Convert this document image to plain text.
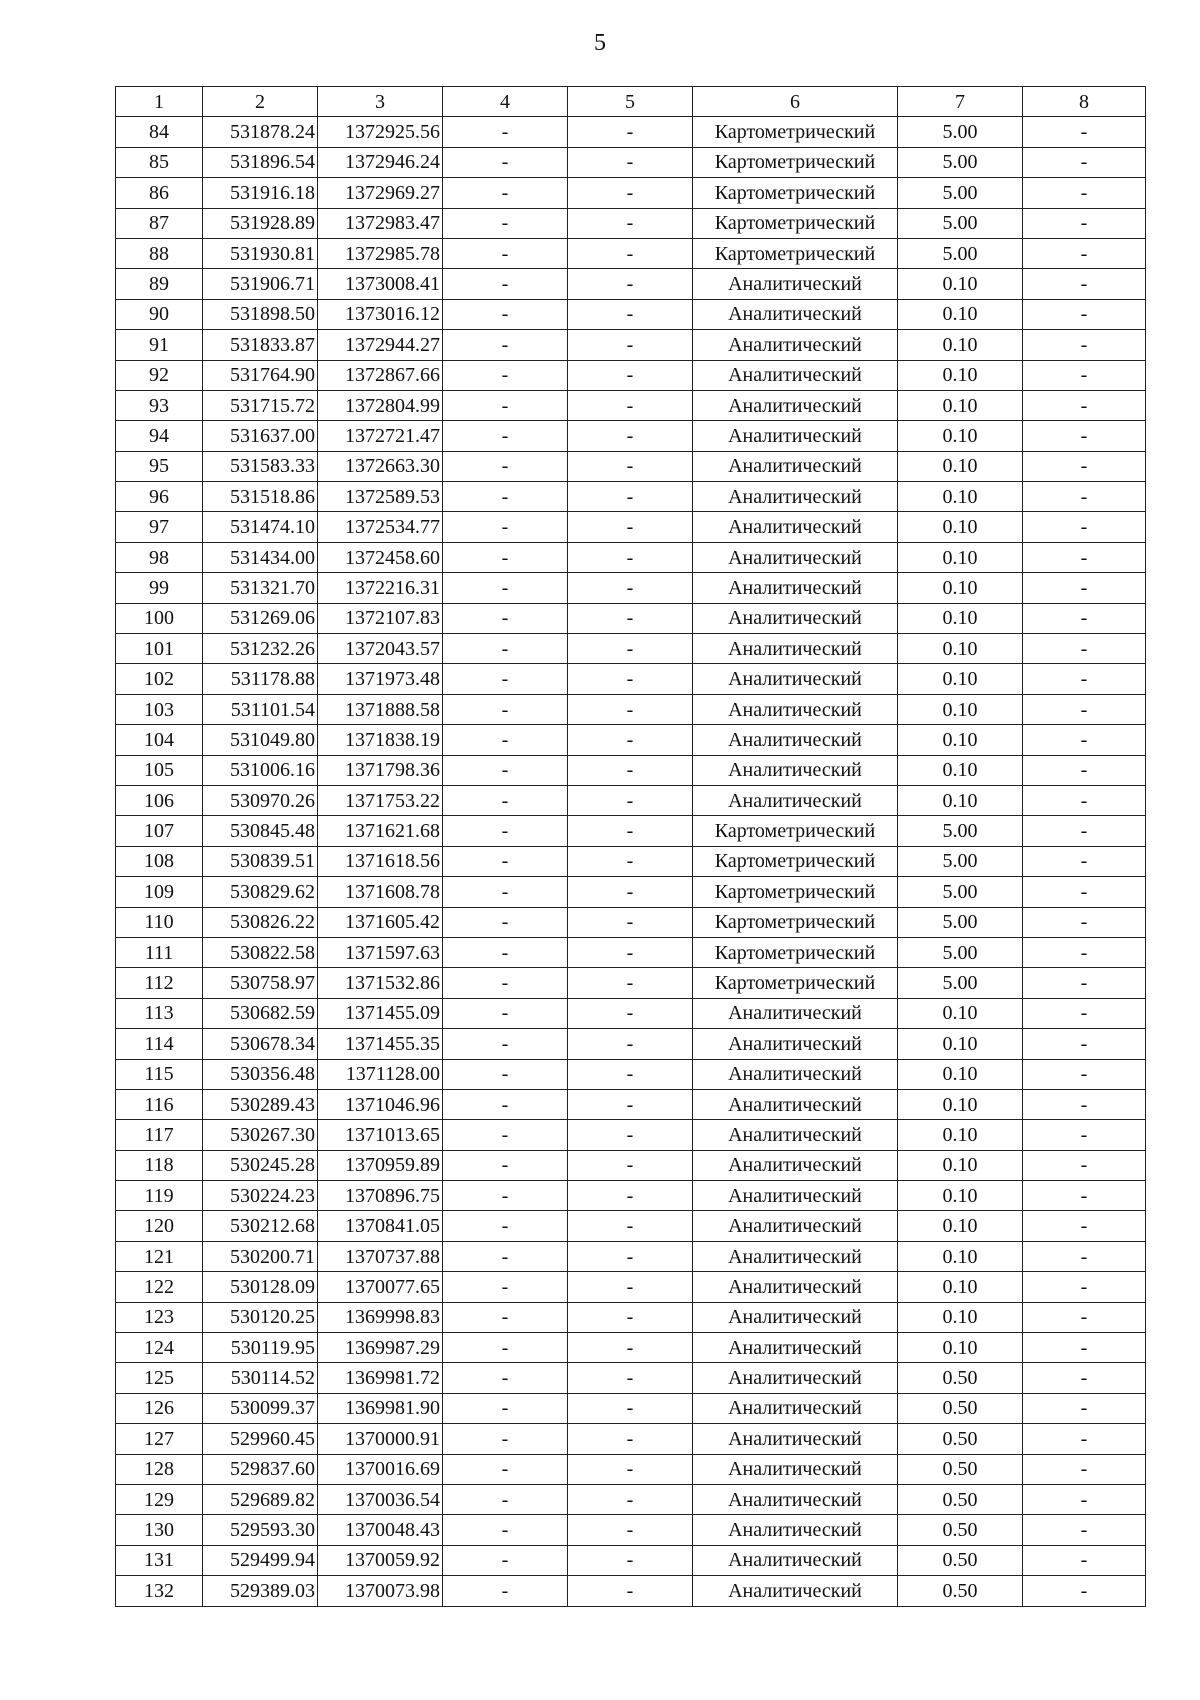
5
1	2	3	4	5	6	7	8
84	531878.24	1372925.56	-	-	Картометрический	5.00	-
85	531896.54	1372946.24	-	-	Картометрический	5.00	-
86	531916.18	1372969.27	-	-	Картометрический	5.00	-
87	531928.89	1372983.47	-	-	Картометрический	5.00	-
88	531930.81	1372985.78	-	-	Картометрический	5.00	-
89	531906.71	1373008.41	-	-	Аналитический	0.10	-
90	531898.50	1373016.12	-	-	Аналитический	0.10	-
91	531833.87	1372944.27	-	-	Аналитический	0.10	-
92	531764.90	1372867.66	-	-	Аналитический	0.10	-
93	531715.72	1372804.99	-	-	Аналитический	0.10	-
94	531637.00	1372721.47	-	-	Аналитический	0.10	-
95	531583.33	1372663.30	-	-	Аналитический	0.10	-
96	531518.86	1372589.53	-	-	Аналитический	0.10	-
97	531474.10	1372534.77	-	-	Аналитический	0.10	-
98	531434.00	1372458.60	-	-	Аналитический	0.10	-
99	531321.70	1372216.31	-	-	Аналитический	0.10	-
100	531269.06	1372107.83	-	-	Аналитический	0.10	-
101	531232.26	1372043.57	-	-	Аналитический	0.10	-
102	531178.88	1371973.48	-	-	Аналитический	0.10	-
103	531101.54	1371888.58	-	-	Аналитический	0.10	-
104	531049.80	1371838.19	-	-	Аналитический	0.10	-
105	531006.16	1371798.36	-	-	Аналитический	0.10	-
106	530970.26	1371753.22	-	-	Аналитический	0.10	-
107	530845.48	1371621.68	-	-	Картометрический	5.00	-
108	530839.51	1371618.56	-	-	Картометрический	5.00	-
109	530829.62	1371608.78	-	-	Картометрический	5.00	-
110	530826.22	1371605.42	-	-	Картометрический	5.00	-
111	530822.58	1371597.63	-	-	Картометрический	5.00	-
112	530758.97	1371532.86	-	-	Картометрический	5.00	-
113	530682.59	1371455.09	-	-	Аналитический	0.10	-
114	530678.34	1371455.35	-	-	Аналитический	0.10	-
115	530356.48	1371128.00	-	-	Аналитический	0.10	-
116	530289.43	1371046.96	-	-	Аналитический	0.10	-
117	530267.30	1371013.65	-	-	Аналитический	0.10	-
118	530245.28	1370959.89	-	-	Аналитический	0.10	-
119	530224.23	1370896.75	-	-	Аналитический	0.10	-
120	530212.68	1370841.05	-	-	Аналитический	0.10	-
121	530200.71	1370737.88	-	-	Аналитический	0.10	-
122	530128.09	1370077.65	-	-	Аналитический	0.10	-
123	530120.25	1369998.83	-	-	Аналитический	0.10	-
124	530119.95	1369987.29	-	-	Аналитический	0.10	-
125	530114.52	1369981.72	-	-	Аналитический	0.50	-
126	530099.37	1369981.90	-	-	Аналитический	0.50	-
127	529960.45	1370000.91	-	-	Аналитический	0.50	-
128	529837.60	1370016.69	-	-	Аналитический	0.50	-
129	529689.82	1370036.54	-	-	Аналитический	0.50	-
130	529593.30	1370048.43	-	-	Аналитический	0.50	-
131	529499.94	1370059.92	-	-	Аналитический	0.50	-
132	529389.03	1370073.98	-	-	Аналитический	0.50	-
